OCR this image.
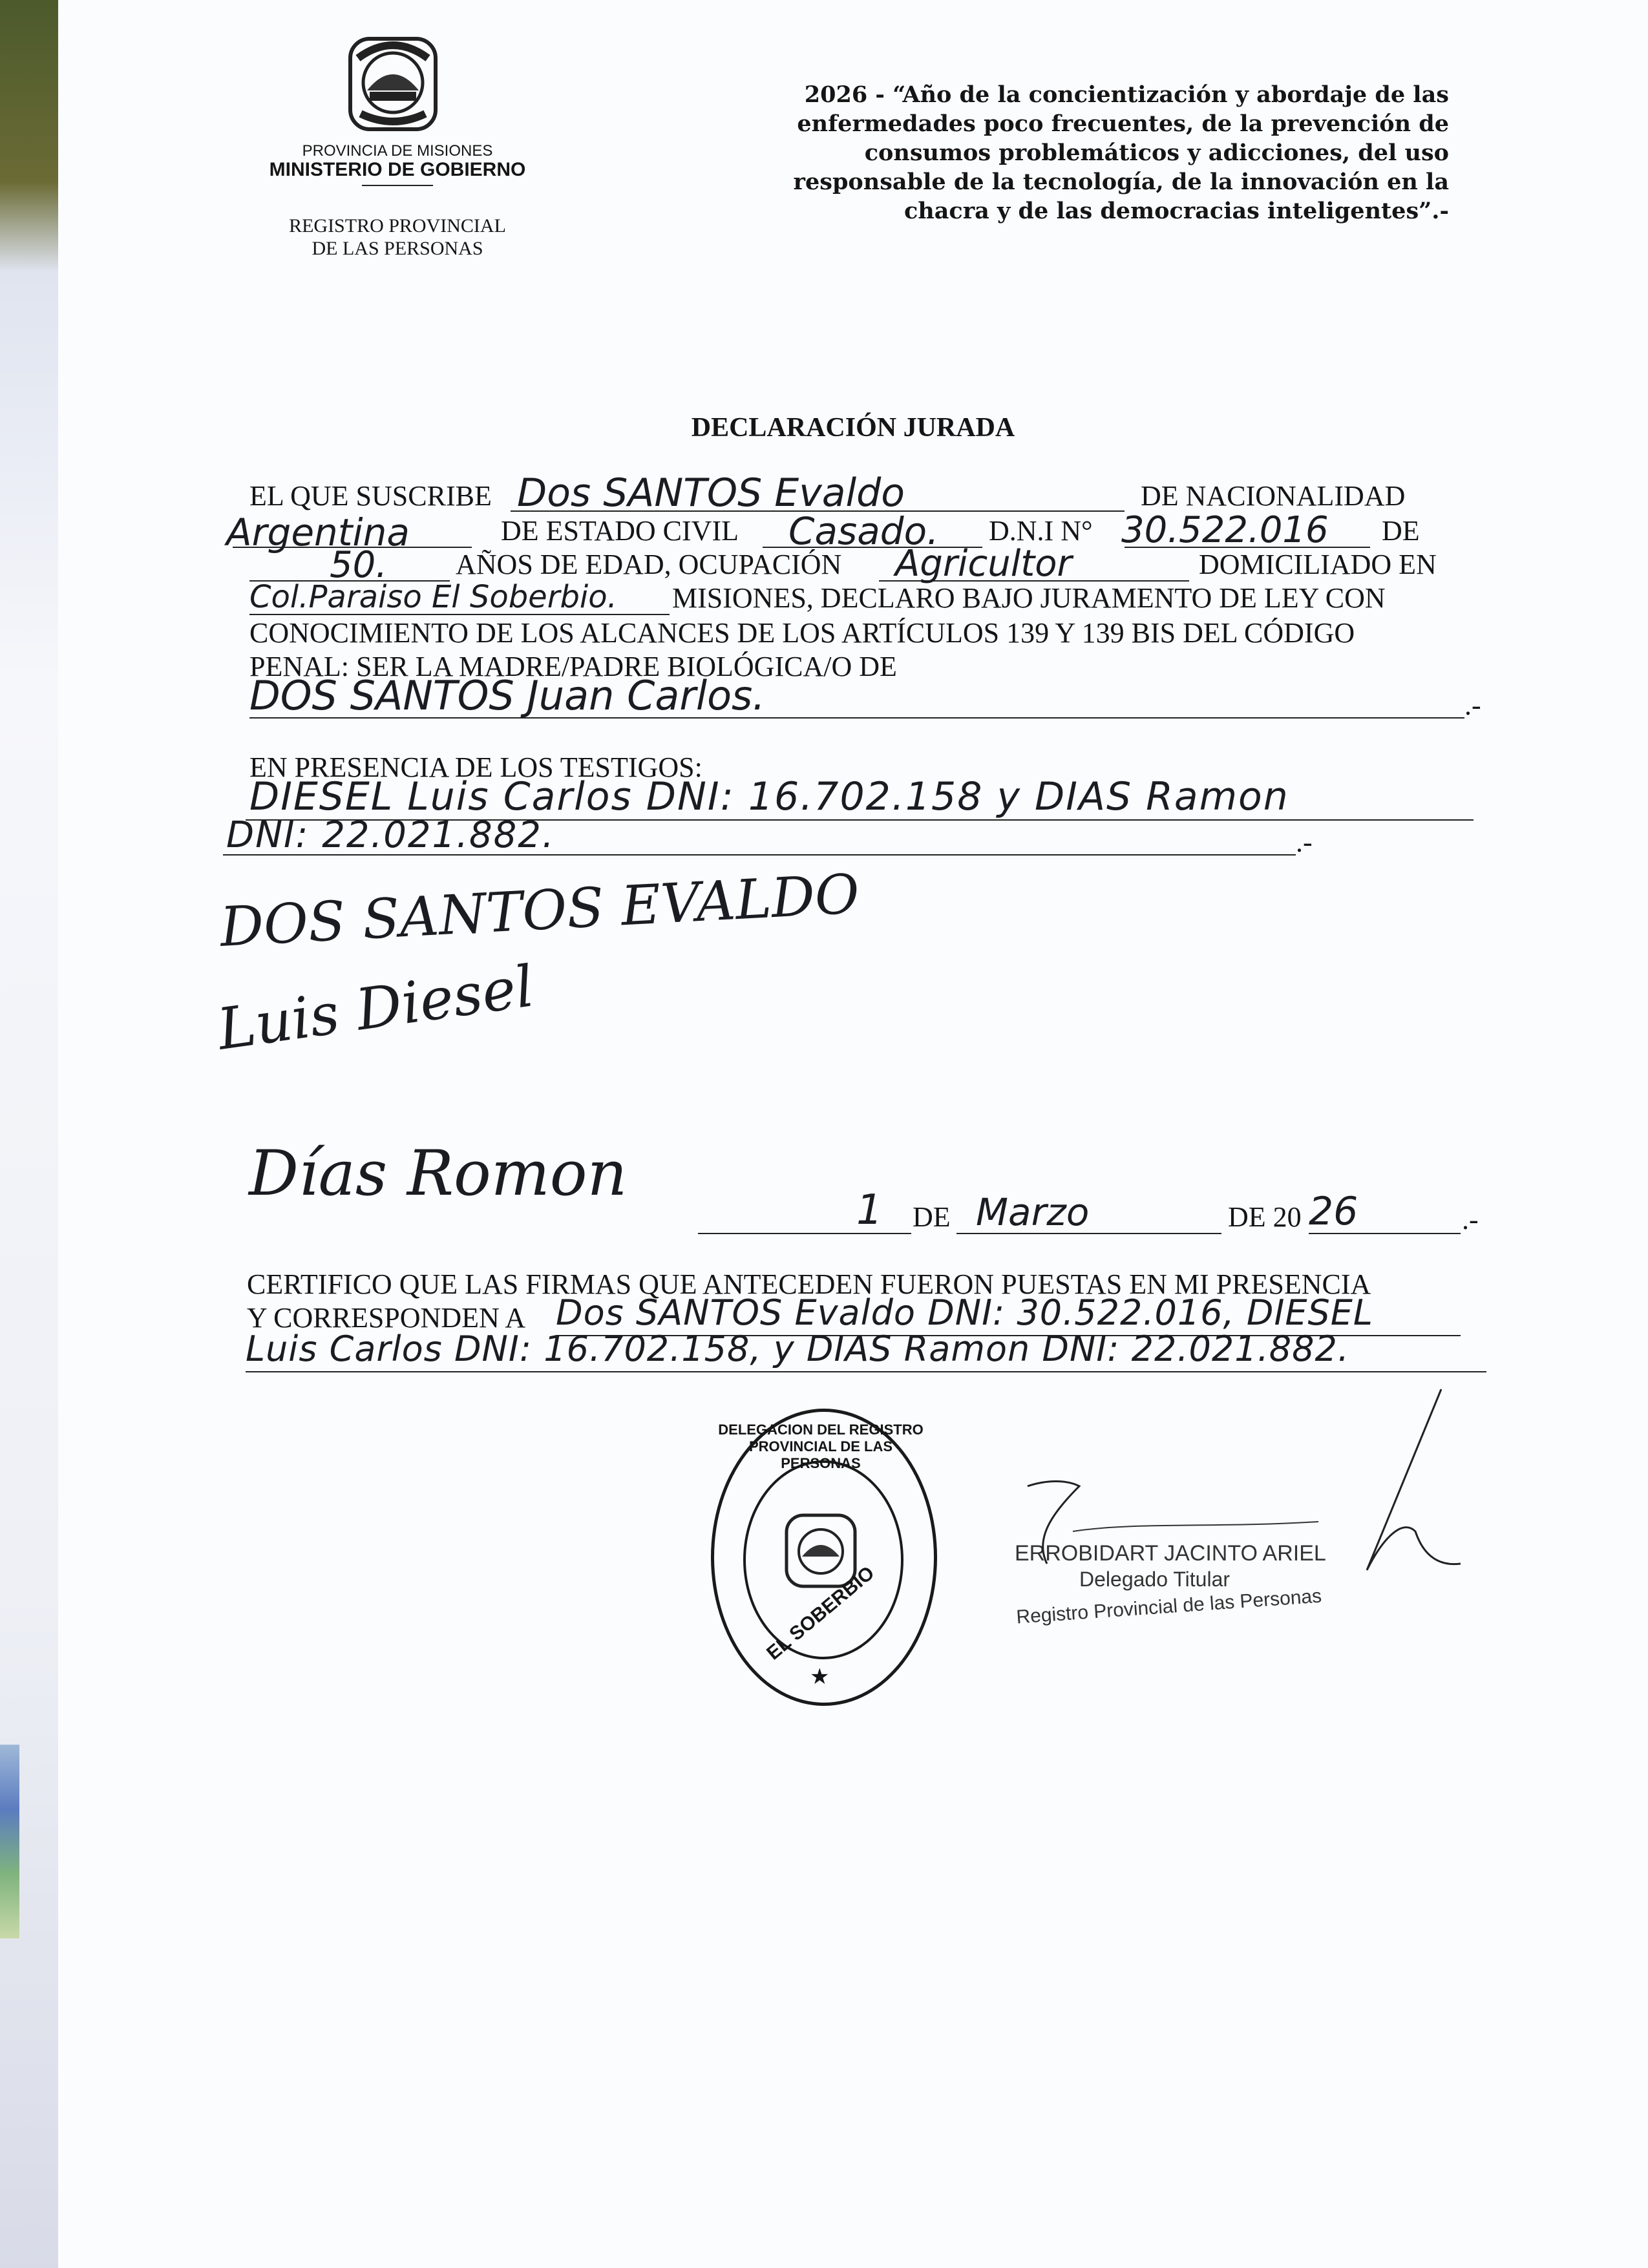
PROVINCIA DE MISIONES
MINISTERIO DE GOBIERNO
REGISTRO PROVINCIAL
DE LAS PERSONAS
2026 - “Año de la concientización y abordaje de las
enfermedades poco frecuentes, de la prevención de
consumos problemáticos y adicciones, del uso
responsable de la tecnología, de la innovación en la
chacra y de las democracias inteligentes”.-
DECLARACIÓN JURADA
EL QUE SUSCRIBE Dos SANTOS Evaldo	DE NACIONALIDAD
Argentina	DE ESTADO CIVIL Casado. D.N.I N° 30.522.016 DE
50. AÑOS DE EDAD, OCUPACIÓN Agricultor	DOMICILIADO EN
Col.Paraiso El Soberbio. MISIONES, DECLARO BAJO JURAMENTO DE LEY CON
CONOCIMIENTO DE LOS ALCANCES DE LOS ARTÍCULOS 139 Y 139 BIS DEL CÓDIGO
PENAL: SER LA MADRE/PADRE BIOLÓGICA/O DE
DOS SANTOS Juan Carlos.	.-
EN PRESENCIA DE LOS TESTIGOS:
DIESEL Luis Carlos DNI: 16.702.158 y DIAS Ramon
DNI: 22.021.882.	.-
DOS SANTOS EVALDO
Luis Diesel
Días Romon
1 DE Marzo	DE 20 26	.-
CERTIFICO QUE LAS FIRMAS QUE ANTECEDEN FUERON PUESTAS EN MI PRESENCIA
Y CORRESPONDEN A Dos SANTOS Evaldo DNI: 30.522.016, DIESEL
Luis Carlos DNI: 16.702.158, y DIAS Ramon DNI: 22.021.882.
DELEGACION DEL REGISTRO PROVINCIAL DE LAS PERSONAS
EL SOBERBIO
★
ERROBIDART JACINTO ARIEL
Delegado Titular
Registro Provincial de las Personas
